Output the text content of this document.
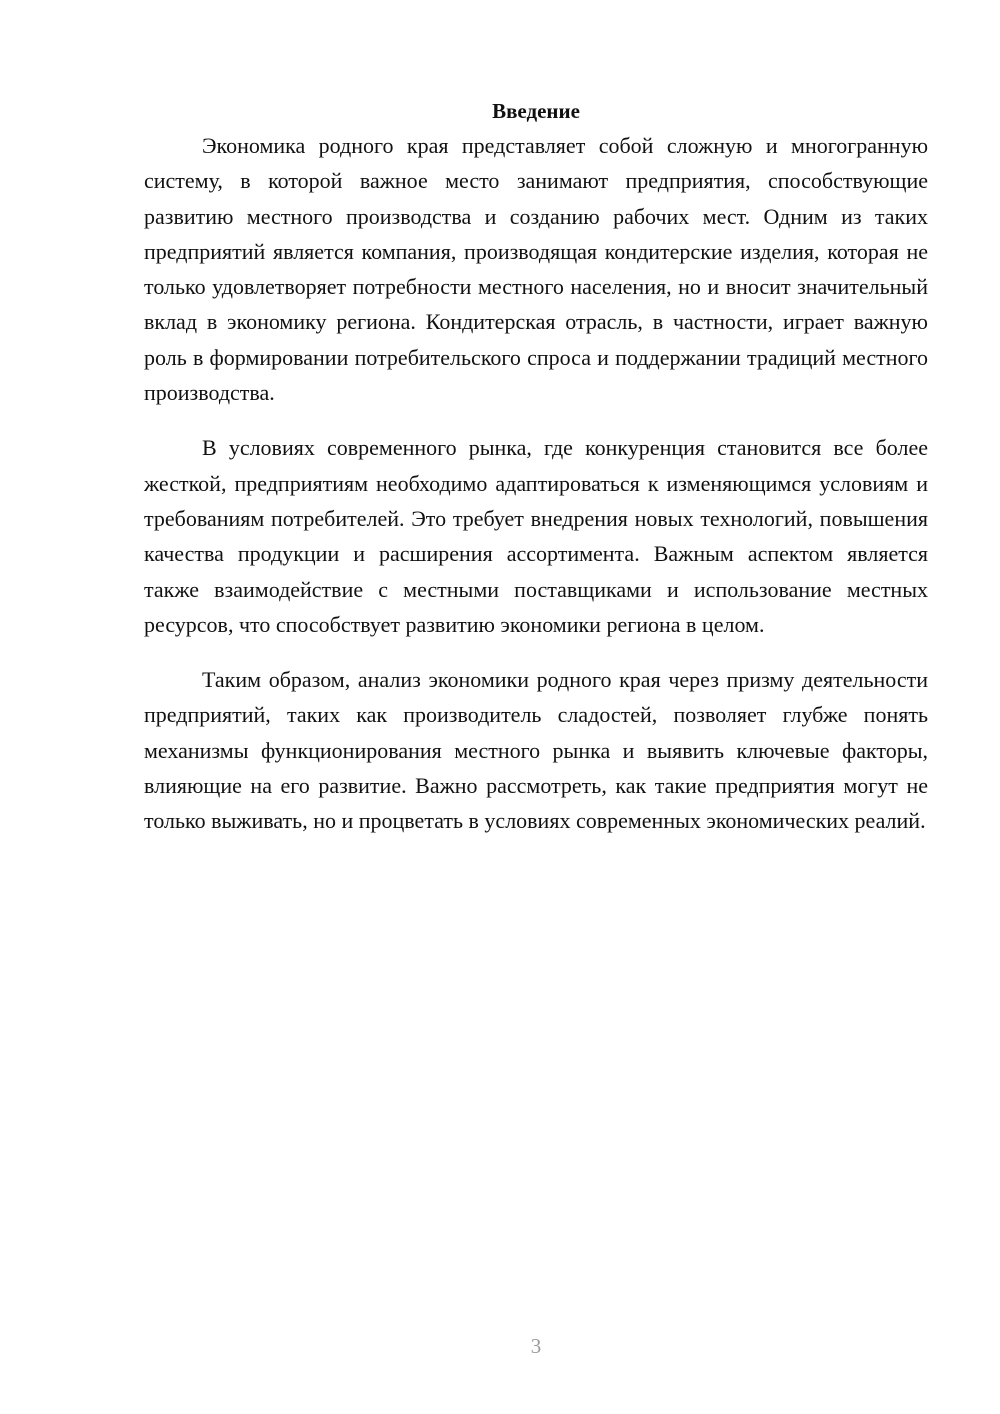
Введение

Экономика родного края представляет собой сложную и многогранную систему, в которой важное место занимают предприятия, способствующие развитию местного производства и созданию рабочих мест. Одним из таких предприятий является компания, производящая кондитерские изделия, которая не только удовлетворяет потребности местного населения, но и вносит значительный вклад в экономику региона. Кондитерская отрасль, в частности, играет важную роль в формировании потребительского спроса и поддержании традиций местного производства.

В условиях современного рынка, где конкуренция становится все более жесткой, предприятиям необходимо адаптироваться к изменяющимся условиям и требованиям потребителей. Это требует внедрения новых технологий, повышения качества продукции и расширения ассортимента. Важным аспектом является также взаимодействие с местными поставщиками и использование местных ресурсов, что способствует развитию экономики региона в целом.

Таким образом, анализ экономики родного края через призму деятельности предприятий, таких как производитель сладостей, позволяет глубже понять механизмы функционирования местного рынка и выявить ключевые факторы, влияющие на его развитие. Важно рассмотреть, как такие предприятия могут не только выживать, но и процветать в условиях современных экономических реалий.

3
